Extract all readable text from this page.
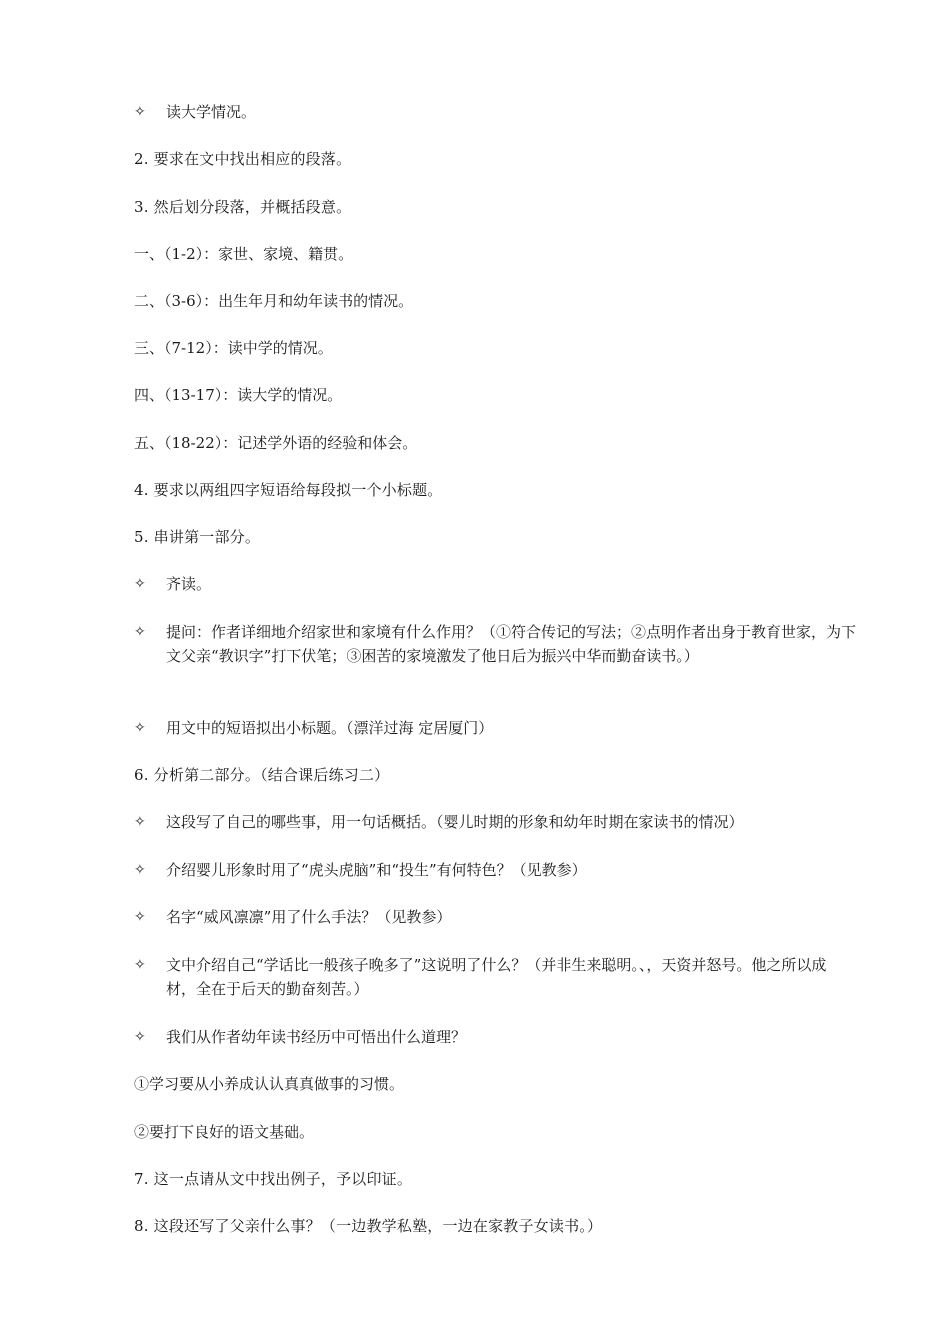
✧	读大学情况。
2. 要求在文中找出相应的段落。
3. 然后划分段落，并概括段意。
一、（1-2）：家世、家境、籍贯。
二、（3-6）：出生年月和幼年读书的情况。
三、（7-12）：读中学的情况。
四、（13-17）：读大学的情况。
五、（18-22）：记述学外语的经验和体会。
4. 要求以两组四字短语给每段拟一个小标题。
5. 串讲第一部分。
✧	齐读。
✧	提问：作者详细地介绍家世和家境有什么作用？（①符合传记的写法；②点明作者出身于教育世家，为下文父亲“教识字”打下伏笔；③困苦的家境激发了他日后为振兴中华而勤奋读书。）
✧	用文中的短语拟出小标题。（漂洋过海 定居厦门）
6. 分析第二部分。（结合课后练习二）
✧	这段写了自己的哪些事，用一句话概括。（婴儿时期的形象和幼年时期在家读书的情况）
✧	介绍婴儿形象时用了“虎头虎脑”和“投生”有何特色？（见教参）
✧	名字“威风凛凛”用了什么手法？（见教参）
✧	文中介绍自己“学话比一般孩子晚多了”这说明了什么？（并非生来聪明。、，天资并怒号。他之所以成材，全在于后天的勤奋刻苦。）
✧	我们从作者幼年读书经历中可悟出什么道理？
①学习要从小养成认认真真做事的习惯。
②要打下良好的语文基础。
7. 这一点请从文中找出例子，予以印证。
8. 这段还写了父亲什么事？（一边教学私塾，一边在家教子女读书。）
